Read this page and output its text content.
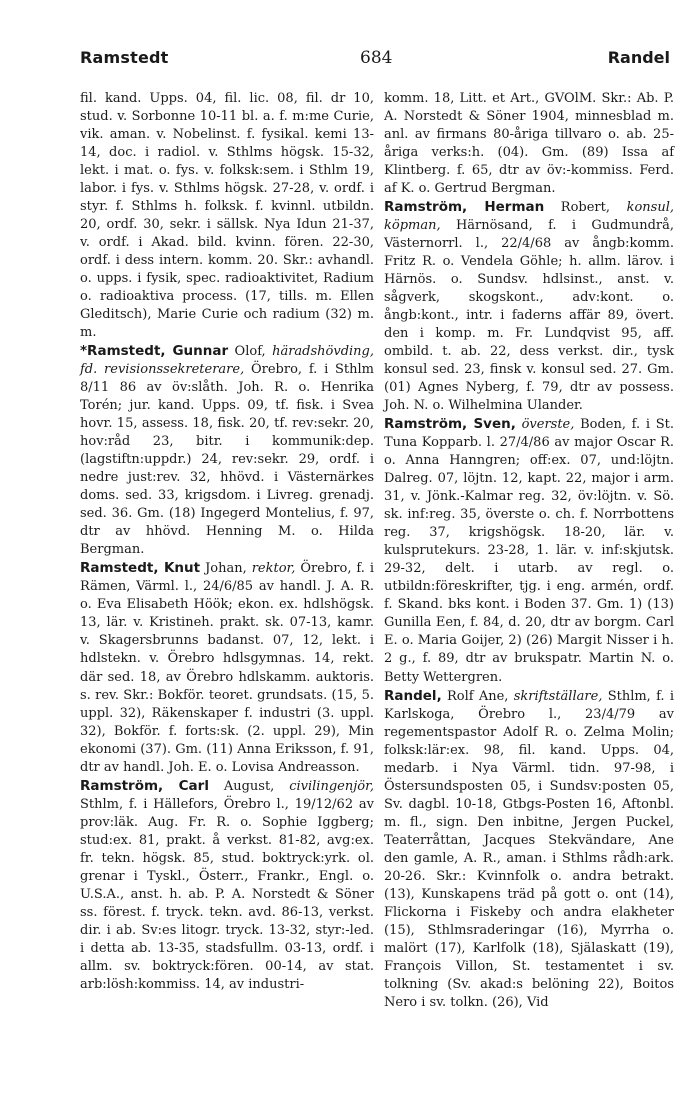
Ramstedt	684	Randel

fil. kand. Upps. 04, fil. lic. 08, fil. dr 10, stud. v. Sorbonne 10-11 bl. a. f. m:me Curie, vik. aman. v. Nobelinst. f. fysikal. kemi 13-14, doc. i radiol. v. Sthlms högsk. 15-32, lekt. i mat. o. fys. v. folksk:sem. i Sthlm 19, labor. i fys. v. Sthlms högsk. 27-28, v. ordf. i styr. f. Sthlms h. folksk. f. kvinnl. utbildn. 20, ordf. 30, sekr. i sällsk. Nya Idun 21-37, v. ordf. i Akad. bild. kvinn. fören. 22-30, ordf. i dess intern. komm. 20. Skr.: avhandl. o. upps. i fysik, spec. radioaktivitet, Radium o. radioaktiva process. (17, tills. m. Ellen Gleditsch), Marie Curie och radium (32) m. m.

*Ramstedt, Gunnar Olof, häradshövding, fd. revisionssekreterare, Örebro, f. i Sthlm 8/11 86 av öv:slåth. Joh. R. o. Henrika Torén; jur. kand. Upps. 09, tf. fisk. i Svea hovr. 15, assess. 18, fisk. 20, tf. rev:sekr. 20, hov:råd 23, bitr. i kommunik:dep. (lagstiftn:uppdr.) 24, rev:sekr. 29, ordf. i nedre just:rev. 32, hhövd. i Västernärkes doms. sed. 33, krigsdom. i Livreg. grenadj. sed. 36. Gm. (18) Ingegerd Montelius, f. 97, dtr av hhövd. Henning M. o. Hilda Bergman.

Ramstedt, Knut Johan, rektor, Örebro, f. i Rämen, Värml. l., 24/6/85 av handl. J. A. R. o. Eva Elisabeth Höök; ekon. ex. hdlshögsk. 13, lär. v. Kristineh. prakt. sk. 07-13, kamr. v. Skagersbrunns badanst. 07, 12, lekt. i hdlstekn. v. Örebro hdlsgymnas. 14, rekt. där sed. 18, av Örebro hdlskamm. auktoris. s. rev. Skr.: Bokför. teoret. grundsats. (15, 5. uppl. 32), Räkenskaper f. industri (3. uppl. 32), Bokför. f. forts:sk. (2. uppl. 29), Min ekonomi (37). Gm. (11) Anna Eriksson, f. 91, dtr av handl. Joh. E. o. Lovisa Andreasson.

Ramström, Carl August, civilingenjör, Sthlm, f. i Hällefors, Örebro l., 19/12/62 av prov:läk. Aug. Fr. R. o. Sophie Iggberg; stud:ex. 81, prakt. å verkst. 81-82, avg:ex. fr. tekn. högsk. 85, stud. boktryck:yrk. ol. grenar i Tyskl., Österr., Frankr., Engl. o. U.S.A., anst. h. ab. P. A. Norstedt & Söner ss. förest. f. tryck. tekn. avd. 86-13, verkst. dir. i ab. Sv:es litogr. tryck. 13-32, styr:-led. i detta ab. 13-35, stadsfullm. 03-13, ordf. i allm. sv. boktryck:fören. 00-14, av stat. arb:lösh:kommiss. 14, av industri-

komm. 18, Litt. et Art., GVOlM. Skr.: Ab. P. A. Norstedt & Söner 1904, minnesblad m. anl. av firmans 80-åriga tillvaro o. ab. 25-åriga verks:h. (04). Gm. (89) Issa af Klintberg. f. 65, dtr av öv:-kommiss. Ferd. af K. o. Gertrud Bergman.

Ramström, Herman Robert, konsul, köpman, Härnösand, f. i Gudmundrå, Västernorrl. l., 22/4/68 av ångb:komm. Fritz R. o. Vendela Göhle; h. allm. lärov. i Härnös. o. Sundsv. hdlsinst., anst. v. sågverk, skogskont., adv:kont. o. ångb:kont., intr. i faderns affär 89, övert. den i komp. m. Fr. Lundqvist 95, aff. ombild. t. ab. 22, dess verkst. dir., tysk konsul sed. 23, finsk v. konsul sed. 27. Gm. (01) Agnes Nyberg, f. 79, dtr av possess. Joh. N. o. Wilhelmina Ulander.

Ramström, Sven, överste, Boden, f. i St. Tuna Kopparb. l. 27/4/86 av major Oscar R. o. Anna Hanngren; off:ex. 07, und:löjtn. Dalreg. 07, löjtn. 12, kapt. 22, major i arm. 31, v. Jönk.-Kalmar reg. 32, öv:löjtn. v. Sö. sk. inf:reg. 35, överste o. ch. f. Norrbottens reg. 37, krigshögsk. 18-20, lär. v. kulsprutekurs. 23-28, 1. lär. v. inf:skjutsk. 29-32, delt. i utarb. av regl. o. utbildn:föreskrifter, tjg. i eng. armén, ordf. f. Skand. bks kont. i Boden 37. Gm. 1) (13) Gunilla Een, f. 84, d. 20, dtr av borgm. Carl E. o. Maria Goijer, 2) (26) Margit Nisser i h. 2 g., f. 89, dtr av brukspatr. Martin N. o. Betty Wettergren.

Randel, Rolf Ane, skriftställare, Sthlm, f. i Karlskoga, Örebro l., 23/4/79 av regementspastor Adolf R. o. Zelma Molin; folksk:lär:ex. 98, fil. kand. Upps. 04, medarb. i Nya Värml. tidn. 97-98, i Östersundsposten 05, i Sundsv:posten 05, Sv. dagbl. 10-18, Gtbgs-Posten 16, Aftonbl. m. fl., sign. Den inbitne, Jergen Puckel, Teaterråttan, Jacques Stekvändare, Ane den gamle, A. R., aman. i Sthlms rådh:ark. 20-26. Skr.: Kvinnfolk o. andra betrakt. (13), Kunskapens träd på gott o. ont (14), Flickorna i Fiskeby och andra elakheter (15), Sthlmsraderingar (16), Myrrha o. malört (17), Karlfolk (18), Själaskatt (19), François Villon, St. testamentet i sv. tolkning (Sv. akad:s belöning 22), Boitos Nero i sv. tolkn. (26), Vid
